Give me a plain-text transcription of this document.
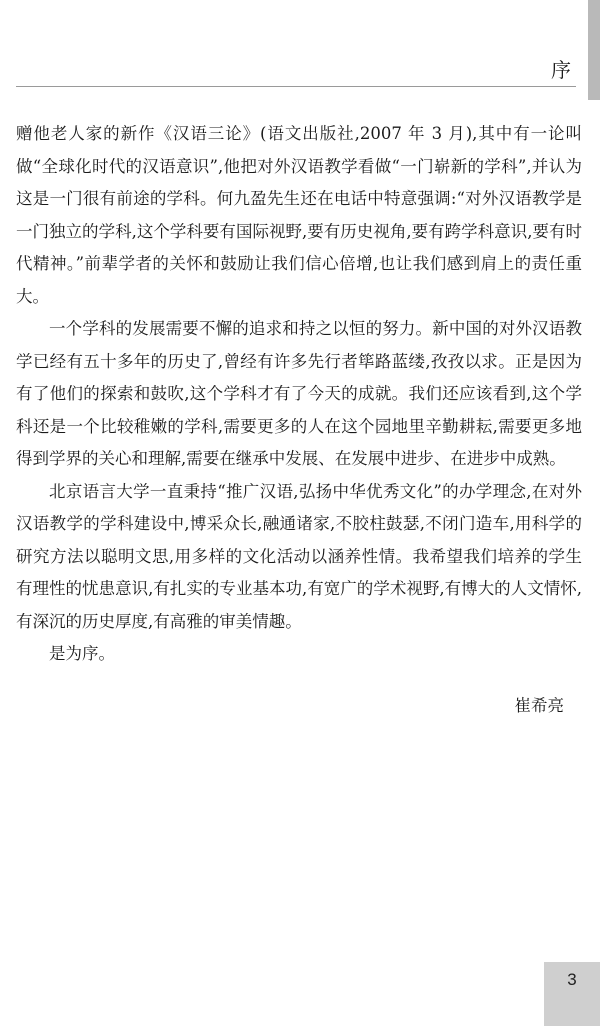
序

赠他老人家的新作《汉语三论》(语文出版社,2007 年 3 月),其中有一论叫做“全球化时代的汉语意识”,他把对外汉语教学看做“一门崭新的学科”,并认为这是一门很有前途的学科。何九盈先生还在电话中特意强调:“对外汉语教学是一门独立的学科,这个学科要有国际视野,要有历史视角,要有跨学科意识,要有时代精神。”前辈学者的关怀和鼓励让我们信心倍增,也让我们感到肩上的责任重大。

一个学科的发展需要不懈的追求和持之以恒的努力。新中国的对外汉语教学已经有五十多年的历史了,曾经有许多先行者筚路蓝缕,孜孜以求。正是因为有了他们的探索和鼓吹,这个学科才有了今天的成就。我们还应该看到,这个学科还是一个比较稚嫩的学科,需要更多的人在这个园地里辛勤耕耘,需要更多地得到学界的关心和理解,需要在继承中发展、在发展中进步、在进步中成熟。

北京语言大学一直秉持“推广汉语,弘扬中华优秀文化”的办学理念,在对外汉语教学的学科建设中,博采众长,融通诸家,不胶柱鼓瑟,不闭门造车,用科学的研究方法以聪明文思,用多样的文化活动以涵养性情。我希望我们培养的学生有理性的忧患意识,有扎实的专业基本功,有宽广的学术视野,有博大的人文情怀,有深沉的历史厚度,有高雅的审美情趣。

是为序。

崔希亮
3
